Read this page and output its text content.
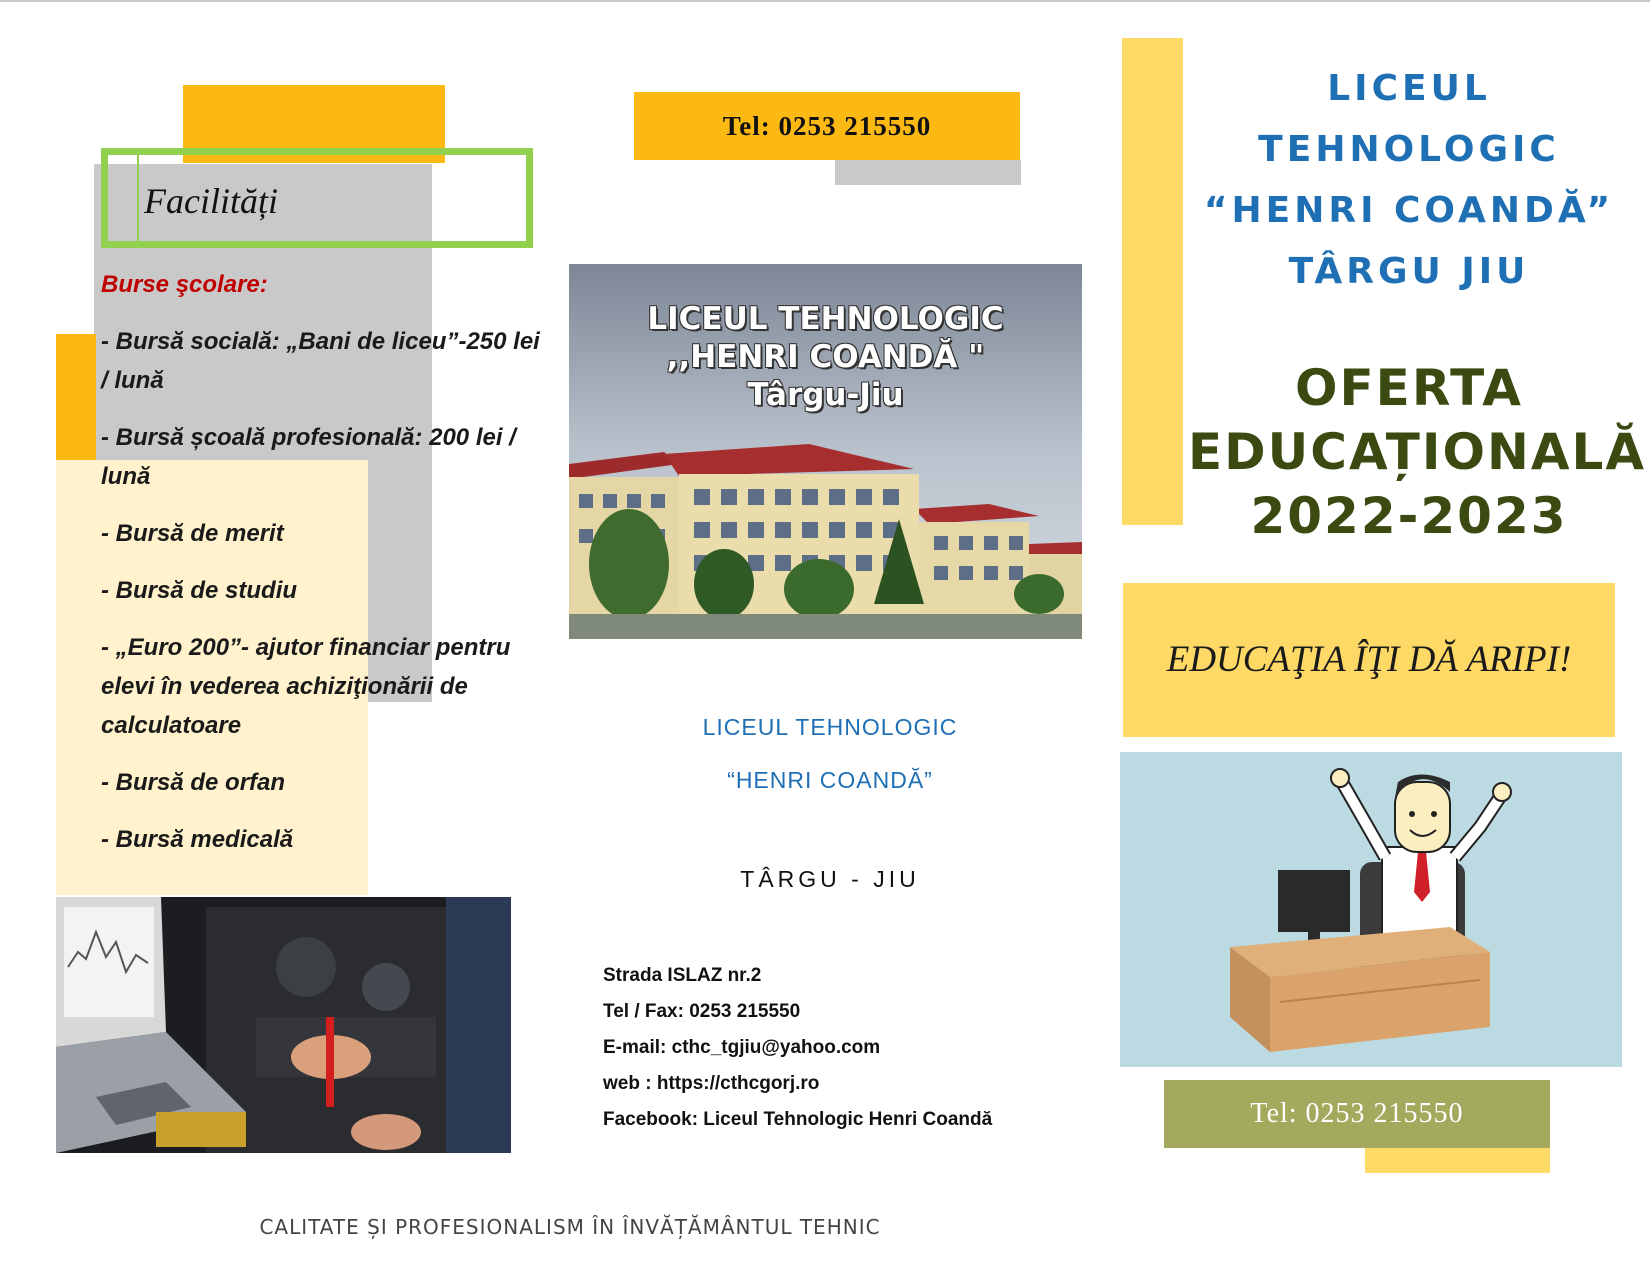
Facilități
Burse şcolare:
- Bursă socială: „Bani de liceu”-250 lei / lună
- Bursă școală profesională: 200 lei / lună
- Bursă de merit
- Bursă de studiu
- „Euro 200”- ajutor financiar pentru elevi în vederea achiziţionării de calculatoare
- Bursă de orfan
- Bursă medicală
Tel: 0253 215550
LICEUL TEHNOLOGIC
,,HENRI COANDĂ "
Târgu-Jiu
LICEUL TEHNOLOGIC
“HENRI COANDĂ”
TÂRGU - JIU
Strada ISLAZ nr.2
Tel / Fax: 0253 215550
E-mail: cthc_tgjiu@yahoo.com
web : https://cthcgorj.ro
Facebook: Liceul Tehnologic Henri Coandă
CALITATE ȘI PROFESIONALISM ÎN ÎNVĂȚĂMÂNTUL TEHNIC
LICEUL
TEHNOLOGIC
“HENRI COANDĂ”
TÂRGU JIU
OFERTA
EDUCAȚIONALĂ
2022-2023
EDUCAŢIA ÎŢI DĂ ARIPI!
Tel: 0253 215550
